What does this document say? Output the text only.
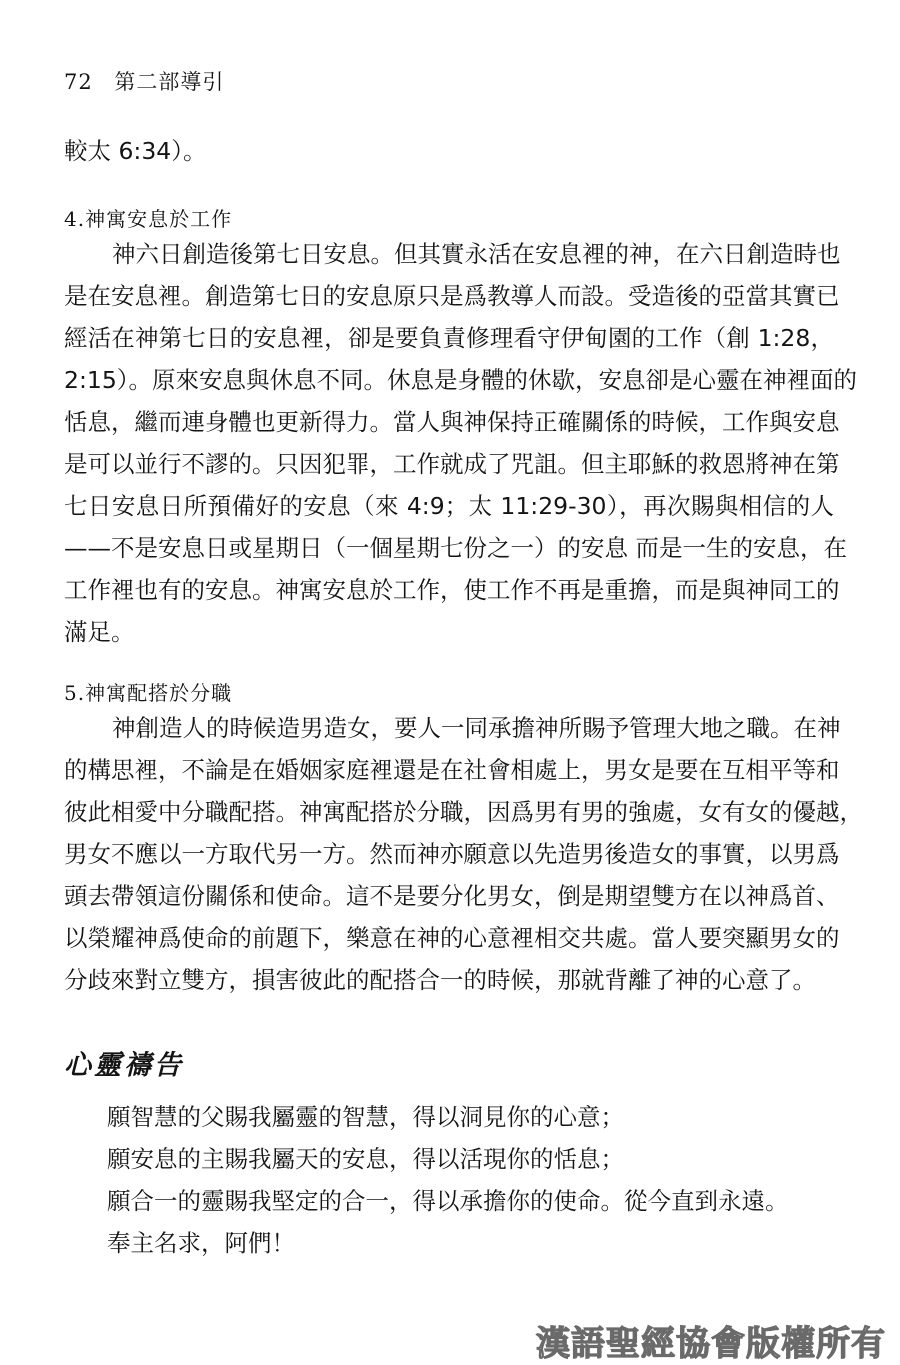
72 第二部導引
較太 6:34）。
4.神寓安息於工作
神六日創造後第七日安息。但其實永活在安息裡的神，在六日創造時也
是在安息裡。創造第七日的安息原只是爲教導人而設。受造後的亞當其實已
經活在神第七日的安息裡，卻是要負責修理看守伊甸園的工作（創 1:28，
2:15）。原來安息與休息不同。休息是身體的休歇，安息卻是心靈在神裡面的
恬息，繼而連身體也更新得力。當人與神保持正確關係的時候，工作與安息
是可以並行不謬的。只因犯罪，工作就成了咒詛。但主耶穌的救恩將神在第
七日安息日所預備好的安息（來 4:9；太 11:29-30），再次賜與相信的人
——不是安息日或星期日（一個星期七份之一）的安息 而是一生的安息，在
工作裡也有的安息。神寓安息於工作，使工作不再是重擔，而是與神同工的
滿足。
5.神寓配搭於分職
神創造人的時候造男造女，要人一同承擔神所賜予管理大地之職。在神
的構思裡，不論是在婚姻家庭裡還是在社會相處上，男女是要在互相平等和
彼此相愛中分職配搭。神寓配搭於分職，因爲男有男的強處，女有女的優越，
男女不應以一方取代另一方。然而神亦願意以先造男後造女的事實，以男爲
頭去帶領這份關係和使命。這不是要分化男女，倒是期望雙方在以神爲首、
以榮耀神爲使命的前題下，樂意在神的心意裡相交共處。當人要突顯男女的
分歧來對立雙方，損害彼此的配搭合一的時候，那就背離了神的心意了。
心靈禱告
願智慧的父賜我屬靈的智慧，得以洞見你的心意；
願安息的主賜我屬天的安息，得以活現你的恬息；
願合一的靈賜我堅定的合一，得以承擔你的使命。從今直到永遠。
奉主名求，阿們！
漢語聖經協會版權所有
